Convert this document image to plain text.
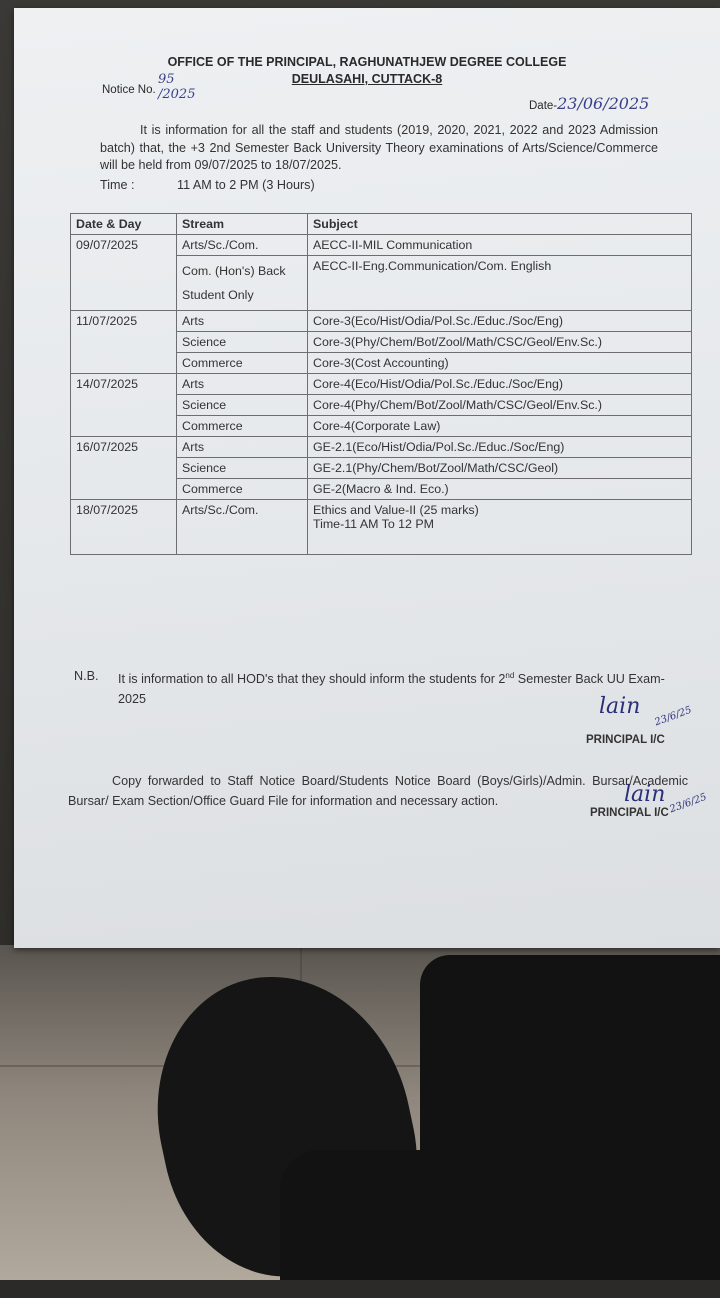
OFFICE OF THE PRINCIPAL, RAGHUNATHJEW DEGREE COLLEGE
DEULASAHI, CUTTACK-8
Notice No.
95
/2025
Date-23/06/2025
It is information for all the staff and students (2019, 2020, 2021, 2022 and 2023 Admission batch) that, the +3 2nd Semester Back University Theory examinations of Arts/Science/Commerce will be held from 09/07/2025 to 18/07/2025.
Time :	11 AM to 2 PM (3 Hours)
Date & Day	Stream	Subject
09/07/2025	Arts/Sc./Com.	AECC-II-MIL Communication
	Com. (Hon's) Back Student Only	AECC-II-Eng.Communication/Com. English
11/07/2025	Arts	Core-3(Eco/Hist/Odia/Pol.Sc./Educ./Soc/Eng)
	Science	Core-3(Phy/Chem/Bot/Zool/Math/CSC/Geol/Env.Sc.)
	Commerce	Core-3(Cost Accounting)
14/07/2025	Arts	Core-4(Eco/Hist/Odia/Pol.Sc./Educ./Soc/Eng)
	Science	Core-4(Phy/Chem/Bot/Zool/Math/CSC/Geol/Env.Sc.)
	Commerce	Core-4(Corporate Law)
16/07/2025	Arts	GE-2.1(Eco/Hist/Odia/Pol.Sc./Educ./Soc/Eng)
	Science	GE-2.1(Phy/Chem/Bot/Zool/Math/CSC/Geol)
	Commerce	GE-2(Macro & Ind. Eco.)
18/07/2025	Arts/Sc./Com.	Ethics and Value-II (25 marks)
Time-11 AM To 12 PM
N.B. It is information to all HOD's that they should inform the students for 2nd Semester Back UU Exam-2025	lain 23/6/25
PRINCIPAL I/C
Copy forwarded to Staff Notice Board/Students Notice Board (Boys/Girls)/Admin. Bursar/Academic Bursar/ Exam Section/Office Guard File for information and necessary action.	lain 23/6/25
PRINCIPAL I/C
